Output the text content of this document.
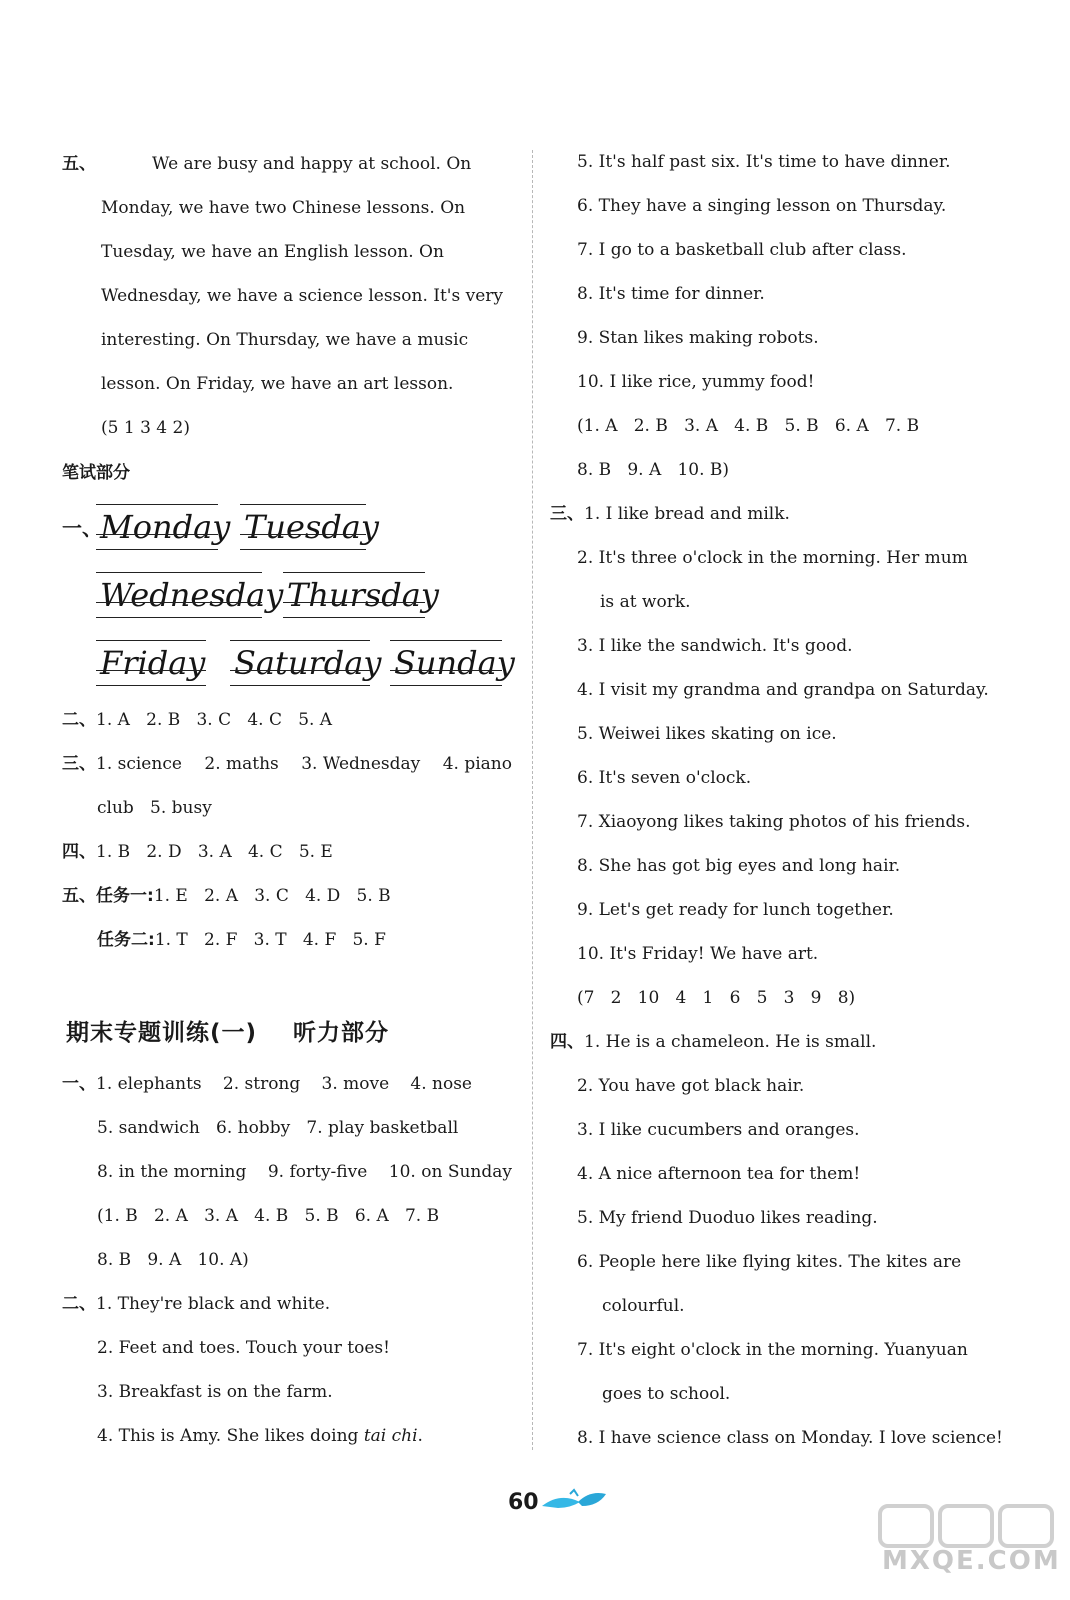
五、	We are busy and happy at school. On
Monday, we have two Chinese lessons. On
Tuesday, we have an English lesson. On
Wednesday, we have a science lesson. It's very
interesting. On Thursday, we have a music
lesson. On Friday, we have an art lesson.
(5 1 3 4 2)
笔试部分
一、
Monday Tuesday
Wednesday Thursday
Friday Saturday Sunday
二、1. A 2. B 3. C 4. C 5. A
三、1. science 2. maths 3. Wednesday 4. piano
club 5. busy
四、1. B 2. D 3. A 4. C 5. E
五、任务一:1. E 2. A 3. C 4. D 5. B
任务二:1. T 2. F 3. T 4. F 5. F
期末专题训练(一)    听力部分
一、1. elephants 2. strong 3. move 4. nose
5. sandwich 6. hobby 7. play basketball
8. in the morning 9. forty-five 10. on Sunday
(1. B   2. A   3. A   4. B   5. B   6. A   7. B
8. B   9. A   10. A)
二、1. They're black and white.
2. Feet and toes. Touch your toes!
3. Breakfast is on the farm.
4. This is Amy. She likes doing tai chi.
5. It's half past six. It's time to have dinner.
6. They have a singing lesson on Thursday.
7. I go to a basketball club after class.
8. It's time for dinner.
9. Stan likes making robots.
10. I like rice, yummy food!
(1. A   2. B   3. A   4. B   5. B   6. A   7. B
8. B   9. A   10. B)
三、1. I like bread and milk.
2. It's three o'clock in the morning. Her mum
is at work.
3. I like the sandwich. It's good.
4. I visit my grandma and grandpa on Saturday.
5. Weiwei likes skating on ice.
6. It's seven o'clock.
7. Xiaoyong likes taking photos of his friends.
8. She has got big eyes and long hair.
9. Let's get ready for lunch together.
10. It's Friday! We have art.
(7   2   10   4   1   6   5   3   9   8)
四、1. He is a chameleon. He is small.
2. You have got black hair.
3. I like cucumbers and oranges.
4. A nice afternoon tea for them!
5. My friend Duoduo likes reading.
6. People here like flying kites. The kites are
colourful.
7. It's eight o'clock in the morning. Yuanyuan
goes to school.
8. I have science class on Monday. I love science!
60
MXQE.COM
